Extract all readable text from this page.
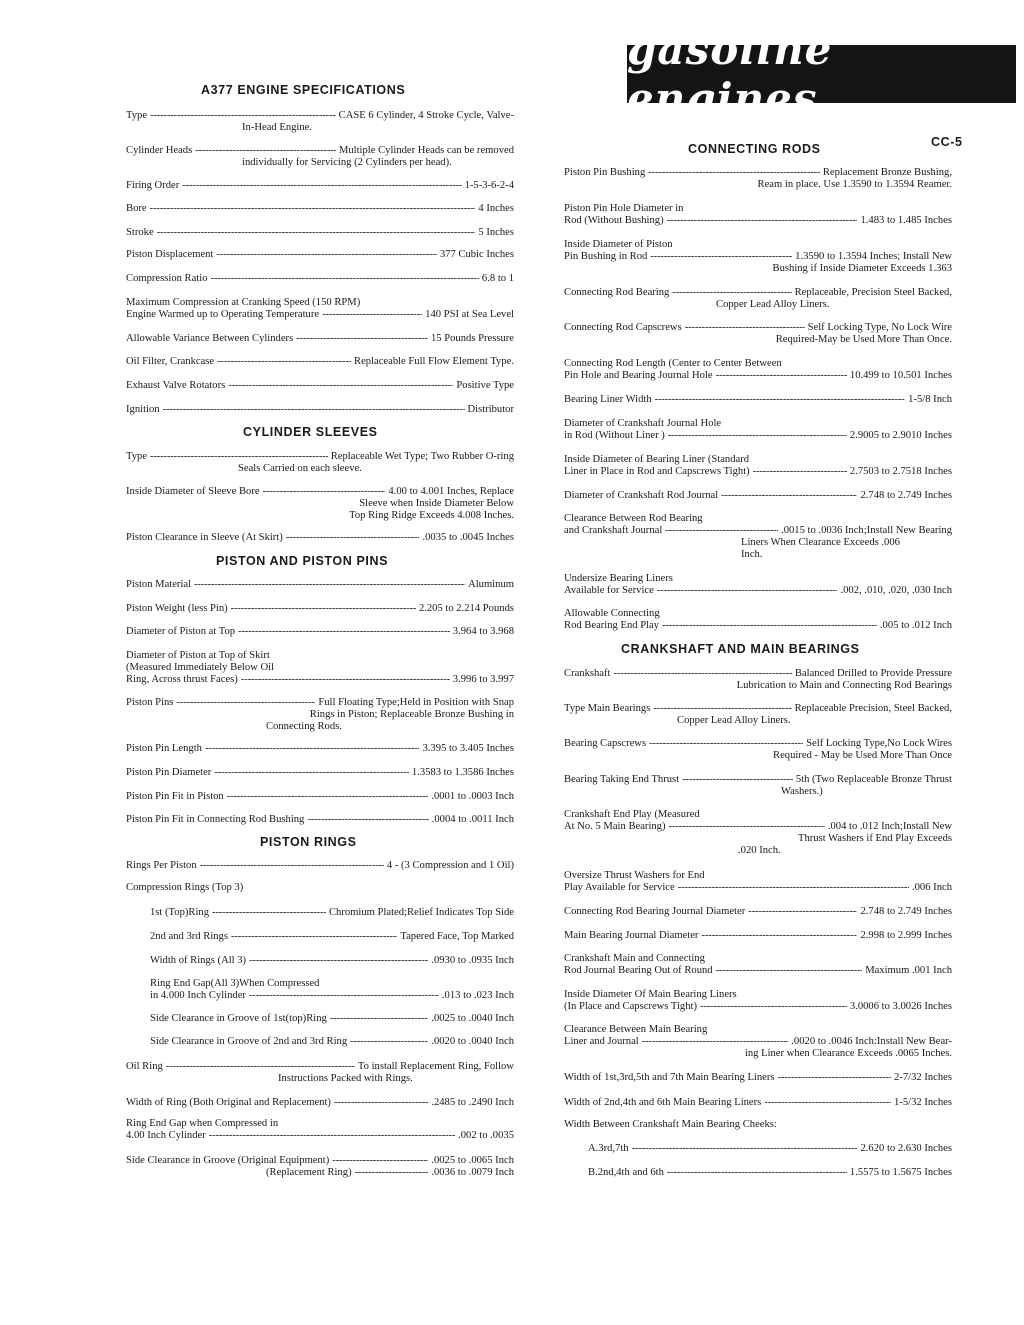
gasoline engines
CC-5
A377 ENGINE SPECIFICATIONS
Type - - -	CASE 6 Cylinder, 4 Stroke Cycle, Valve-
In-Head Engine.
Cylinder Heads - - -	Multiple Cylinder Heads can be removed
individually for Servicing (2 Cylinders per head).
Firing Order - - -	1-5-3-6-2-4
Bore - - -	4 Inches
Stroke - - -	5 Inches
Piston Displacement - - -	377 Cubic Inches
Compression Ratio - - -	6.8 to 1
Maximum Compression at Cranking Speed (150 RPM)
Engine Warmed up to Operating Temperature - - -	140 PSI at Sea Level
Allowable Variance Between Cylinders - - -	15 Pounds Pressure
Oil Filter, Crankcase - - -	Replaceable Full Flow Element Type.
Exhaust Valve Rotators - - -	Positive Type
Ignition - - -	Distributor
CYLINDER SLEEVES
Type - - -	Replaceable Wet Type; Two Rubber O-ring
Seals Carried on each sleeve.
Inside Diameter of Sleeve Bore - - -	4.00 to 4.001 Inches, Replace
Sleeve when Inside Diameter Below
Top Ring Ridge Exceeds 4.008 Inches.
Piston Clearance in Sleeve (At Skirt) - - -	.0035 to .0045 Inches
PISTON AND PISTON PINS
Piston Material - - -	Aluminum
Piston Weight (less Pin) - - -	2.205 to 2.214 Pounds
Diameter of Piston at Top - - -	3.964 to 3.968
Diameter of Piston at Top of Skirt
(Measured Immediately Below Oil
Ring, Across thrust Faces) - - -	3.996 to 3.997
Piston Pins - - -	Full Floating Type;Held in Position with Snap
Rings in Piston; Replaceable Bronze Bushing in
Connecting Rods.
Piston Pin Length - - -	3.395 to 3.405 Inches
Piston Pin Diameter - - -	1.3583 to 1.3586 Inches
Piston Pin Fit in Piston - - -	.0001 to .0003 Inch
Piston Pin Fit in Connecting Rod Bushing - - -	.0004 to .0011 Inch
PISTON RINGS
Rings Per Piston - - -	4 - (3 Compression and 1 Oil)
Compression Rings (Top 3)
1st (Top)Ring - - -	Chromium Plated;Relief Indicates Top Side
2nd and 3rd Rings - - -	Tapered Face, Top Marked
Width of Rings (All 3) - - -	.0930 to .0935 Inch
Ring End Gap(All 3)When Compressed
in 4.000 Inch Cylinder - - -	.013 to .023 Inch
Side Clearance in Groove of 1st(top)Ring - - -	.0025 to .0040 Inch
Side Clearance in Groove of 2nd and 3rd Ring - - -	.0020 to .0040 Inch
Oil Ring - - -	To install Replacement Ring, Follow
Instructions Packed with Rings.
Width of Ring (Both Original and Replacement) - - -	.2485 to .2490 Inch
Ring End Gap when Compressed in
4.00 Inch Cylinder - - -	.002 to .0035
Side Clearance in Groove (Original Equipment) - - -	.0025 to .0065 Inch
(Replacement Ring) - - -	.0036 to .0079 Inch
CONNECTING RODS
Piston Pin Bushing - - -	Replacement Bronze Bushing,
Ream in place. Use 1.3590 to 1.3594 Reamer.
Piston Pin Hole Diameter in
Rod (Without Bushing) - - -	1.483 to 1.485 Inches
Inside Diameter of Piston
Pin Bushing in Rod - - -	1.3590 to 1.3594 Inches; Install New
Bushing if Inside Diameter Exceeds 1.363
Connecting Rod Bearing - - -	Replaceable, Precision Steel Backed,
Copper Lead Alloy Liners.
Connecting Rod Capscrews - - -	Self Locking Type, No Lock Wire
Required-May be Used More Than Once.
Connecting Rod Length (Center to Center Between
Pin Hole and Bearing Journal Hole - - -	10.499 to 10.501 Inches
Bearing Liner Width - - -	1-5/8 Inch
Diameter of Crankshaft Journal Hole
in Rod (Without Liner ) - - -	2.9005 to 2.9010 Inches
Inside Diameter of Bearing Liner (Standard
Liner in Place in Rod and Capscrews Tight) - - -	2.7503 to 2.7518 Inches
Diameter of Crankshaft Rod Journal - - -	2.748 to 2.749 Inches
Clearance Between Rod Bearing
and Crankshaft Journal - - -	.0015 to .0036 Inch;Install New Bearing
Liners When Clearance Exceeds .006
Inch.
Undersize Bearing Liners
Available for Service - - -	.002, .010, .020, .030 Inch
Allowable Connecting
Rod Bearing End Play - - -	.005 to .012 Inch
CRANKSHAFT AND MAIN BEARINGS
Crankshaft - - -	Balanced Drilled to Provide Pressure
Lubrication to Main and Connecting Rod Bearings
Type Main Bearings - - -	Replaceable Precision, Steel Backed,
Copper Lead Alloy Liners.
Bearing Capscrews - - -	Self Locking Type,No Lock Wires
Required - May be Used More Than Once
Bearing Taking End Thrust - - -	5th (Two Replaceable Bronze Thrust
Washers.)
Crankshaft End Play (Measured
At No. 5 Main Bearing) - - -	.004 to .012 Inch;Install New
Thrust Washers if End Play Exceeds
.020 Inch.
Oversize Thrust Washers for End
Play Available for Service - - -	.006 Inch
Connecting Rod Bearing Journal Diameter - - -	2.748 to 2.749 Inches
Main Bearing Journal Diameter - - -	2.998 to 2.999 Inches
Crankshaft Main and Connecting
Rod Journal Bearing Out of Round - - -	Maximum .001 Inch
Inside Diameter Of Main Bearing Liners
(In Place and Capscrews Tight) - - -	3.0006 to 3.0026 Inches
Clearance Between Main Bearing
Liner and Journal - - -	.0020 to .0046 Inch:Install New Bear-
ing Liner when Clearance Exceeds .0065 Inches.
Width of 1st,3rd,5th and 7th Main Bearing Liners - - -	2-7/32 Inches
Width of 2nd,4th and 6th Main Bearing Liners - - -	1-5/32 Inches
Width Between Crankshaft Main Bearing Cheeks:
A.3rd,7th - - -	2.620 to 2.630 Inches
B.2nd,4th and 6th - - -	1.5575 to 1.5675 Inches
